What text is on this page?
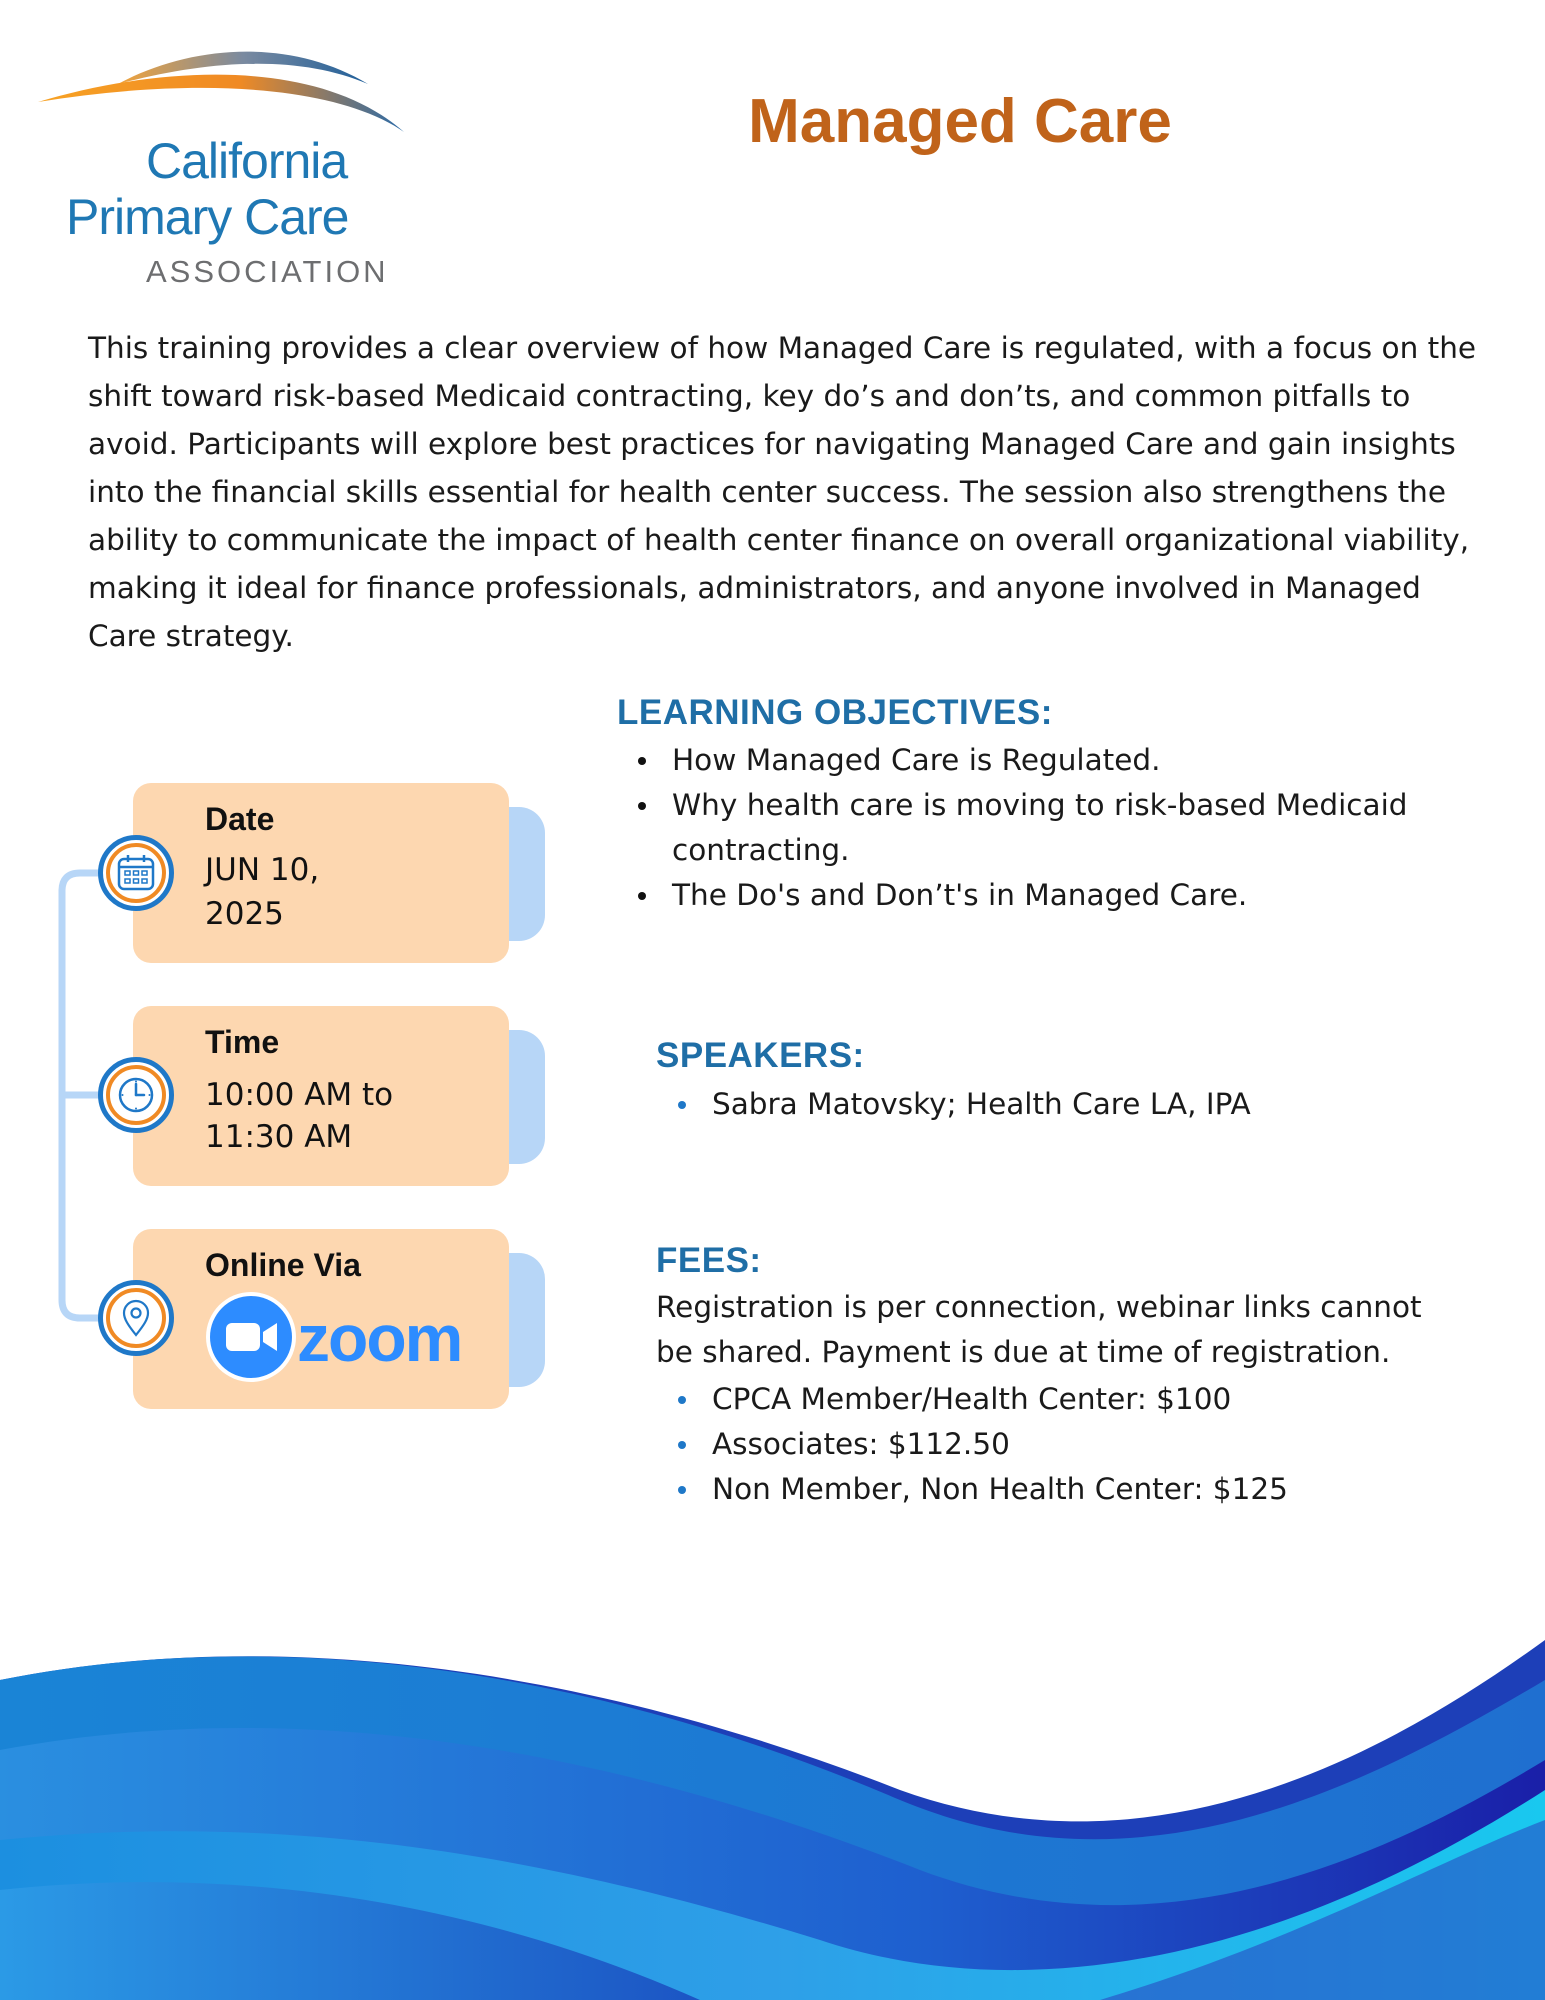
California
Primary Care
ASSOCIATION
Managed Care

This training provides a clear overview of how Managed Care is regulated, with a focus on the shift toward risk-based Medicaid contracting, key do’s and don’ts, and common pitfalls to avoid. Participants will explore best practices for navigating Managed Care and gain insights into the financial skills essential for health center success. The session also strengthens the ability to communicate the impact of health center finance on overall organizational viability, making it ideal for finance professionals, administrators, and anyone involved in Managed Care strategy.

Date
JUN 10,
2025
Time
10:00 AM to
11:30 AM
Online Via
zoom
LEARNING OBJECTIVES:
How Managed Care is Regulated.
Why health care is moving to risk-based Medicaid contracting.
The Do's and Don’t's in Managed Care.
SPEAKERS:
Sabra Matovsky; Health Care LA, IPA
FEES:

Registration is per connection, webinar links cannot be shared. Payment is due at time of registration.

CPCA Member/Health Center: $100
Associates: $112.50
Non Member, Non Health Center: $125
